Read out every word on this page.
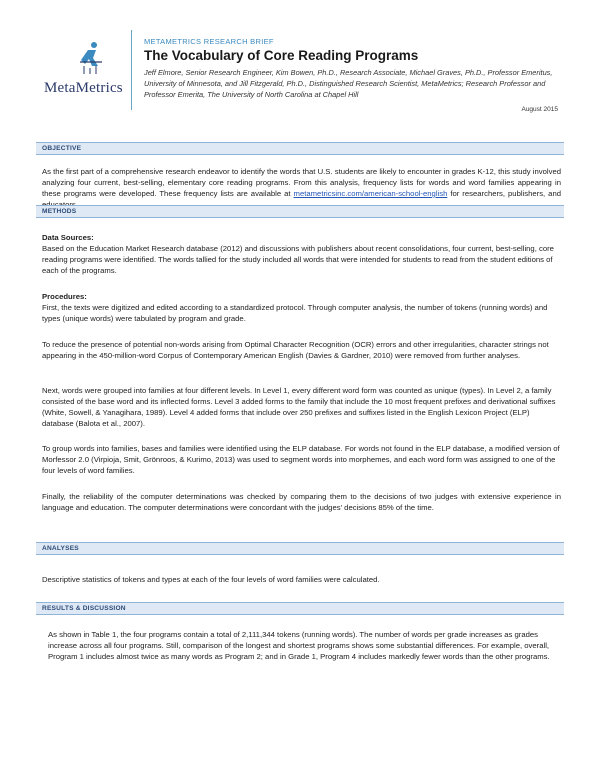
MetaMetrics
METAMETRICS RESEARCH BRIEF
The Vocabulary of Core Reading Programs
Jeff Elmore, Senior Research Engineer, Kim Bowen, Ph.D., Research Associate, Michael Graves, Ph.D., Professor Emeritus, University of Minnesota, and Jill Fitzgerald, Ph.D., Distinguished Research Scientist, MetaMetrics; Research Professor and Professor Emerita, The University of North Carolina at Chapel Hill
August 2015
OBJECTIVE
As the first part of a comprehensive research endeavor to identify the words that U.S. students are likely to encounter in grades K-12, this study involved analyzing four current, best-selling, elementary core reading programs. From this analysis, frequency lists for words and word families appearing in these programs were developed. These frequency lists are available at metametricsinc.com/american-school-english for researchers, publishers, and
METHODS
Data Sources:
Based on the Education Market Research database (2012) and discussions with publishers about recent consolidations, four current, best-selling, core reading programs were identified. The words tallied for the study included all words that were intended for students to read from the student editions of each of the programs.
Procedures:
First, the texts were digitized and edited according to a standardized protocol. Through computer analysis, the number of tokens (running words) and types (unique words) were tabulated by program and grade.
To reduce the presence of potential non-words arising from Optimal Character Recognition (OCR) errors and other irregularities, character strings not appearing in the 450-million-word Corpus of Contemporary American English (Davies & Gardner, 2010) were removed from further analyses.
Next, words were grouped into families at four different levels. In Level 1, every different word form was counted as unique (types). In Level 2, a family consisted of the base word and its inflected forms. Level 3 added forms to the family that include the 10 most frequent prefixes and derivational suffixes (White, Sowell, & Yanagihara, 1989). Level 4 added forms that include over 250 prefixes and suffixes listed in the English Lexicon Project (ELP) database (Balota et al., 2007).
To group words into families, bases and families were identified using the ELP database. For words not found in the ELP database, a modified version of Morfessor 2.0 (Virpioja, Smit, Grönroos, & Kurimo, 2013) was used to segment words into morphemes, and each word form was assigned to one of the four levels of word families.
Finally, the reliability of the computer determinations was checked by comparing them to the decisions of two judges with extensive experience in language and education. The computer determinations were concordant with the judges' decisions 85% of the time.
ANALYSES
Descriptive statistics of tokens and types at each of the four levels of word families were calculated.
RESULTS & DISCUSSION
As shown in Table 1, the four programs contain a total of 2,111,344 tokens (running words). The number of words per grade increases as grades increase across all four programs. Still, comparison of the longest and shortest programs shows some substantial differences. For example, overall, Program 1 includes almost twice as many words as Program 2; and in Grade 1, Program 4 includes markedly fewer words than the other programs.
